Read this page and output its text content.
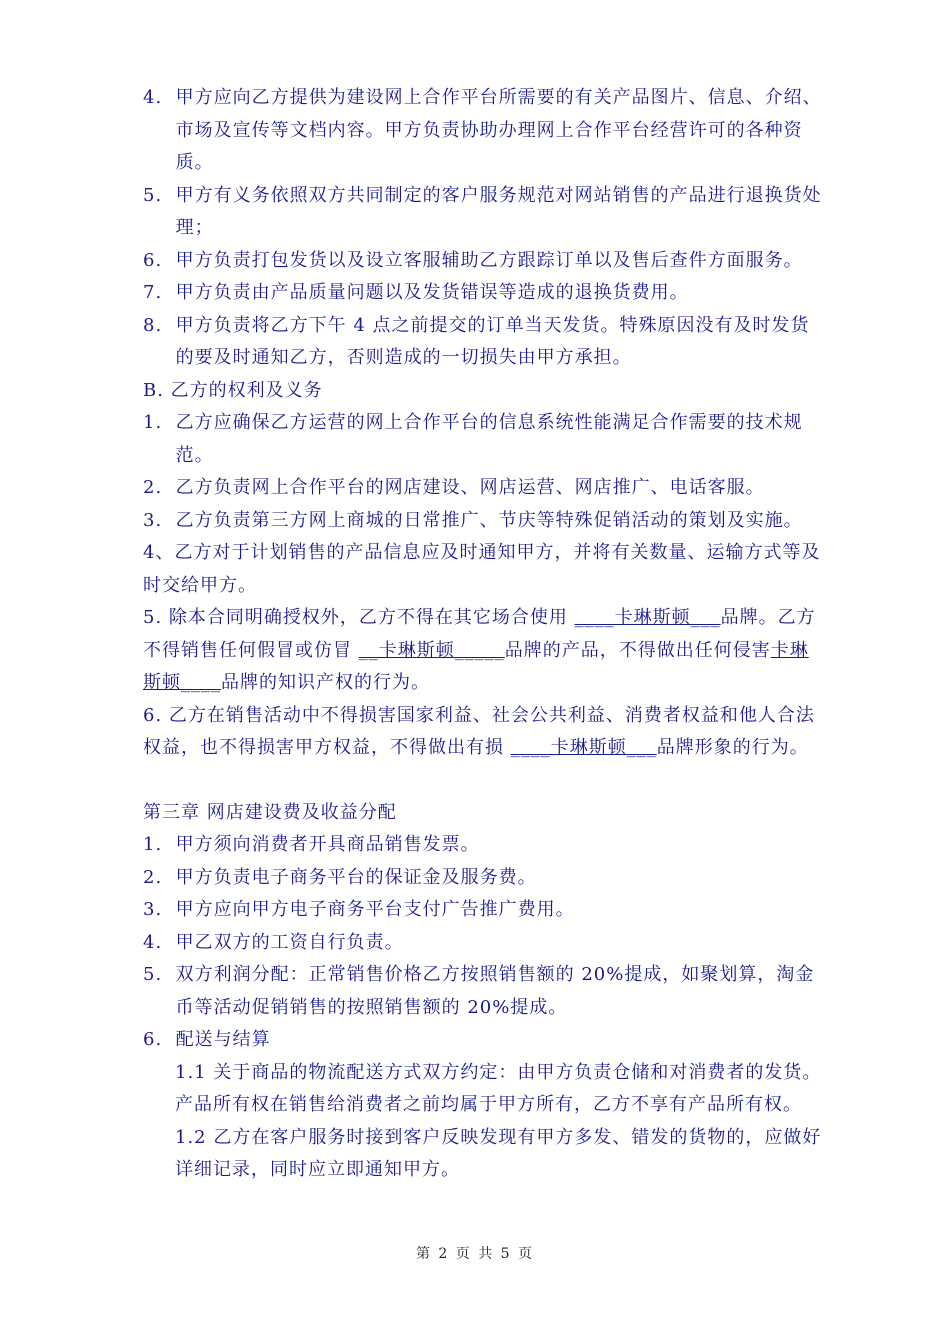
4. 甲方应向乙方提供为建设网上合作平台所需要的有关产品图片、信息、介绍、市场及宣传等文档内容。甲方负责协助办理网上合作平台经营许可的各种资质。
5. 甲方有义务依照双方共同制定的客户服务规范对网站销售的产品进行退换货处理；
6. 甲方负责打包发货以及设立客服辅助乙方跟踪订单以及售后查件方面服务。
7. 甲方负责由产品质量问题以及发货错误等造成的退换货费用。
8. 甲方负责将乙方下午 4 点之前提交的订单当天发货。特殊原因没有及时发货的要及时通知乙方，否则造成的一切损失由甲方承担。
B. 乙方的权利及义务
1. 乙方应确保乙方运营的网上合作平台的信息系统性能满足合作需要的技术规范。
2. 乙方负责网上合作平台的网店建设、网店运营、网店推广、电话客服。
3. 乙方负责第三方网上商城的日常推广、节庆等特殊促销活动的策划及实施。
4、乙方对于计划销售的产品信息应及时通知甲方，并将有关数量、运输方式等及时交给甲方。
5. 除本合同明确授权外，乙方不得在其它场合使用 ____卡琳斯顿___品牌。乙方不得销售任何假冒或仿冒 __卡琳斯顿_____品牌的产品，不得做出任何侵害卡琳斯顿____品牌的知识产权的行为。
6. 乙方在销售活动中不得损害国家利益、社会公共利益、消费者权益和他人合法权益，也不得损害甲方权益，不得做出有损 ____卡琳斯顿___品牌形象的行为。
第三章 网店建设费及收益分配
1. 甲方须向消费者开具商品销售发票。
2. 甲方负责电子商务平台的保证金及服务费。
3. 甲方应向甲方电子商务平台支付广告推广费用。
4. 甲乙双方的工资自行负责。
5. 双方利润分配：正常销售价格乙方按照销售额的 20%提成，如聚划算，淘金币等活动促销销售的按照销售额的 20%提成。
6. 配送与结算
1.1 关于商品的物流配送方式双方约定：由甲方负责仓储和对消费者的发货。产品所有权在销售给消费者之前均属于甲方所有，乙方不享有产品所有权。
1.2 乙方在客户服务时接到客户反映发现有甲方多发、错发的货物的，应做好详细记录，同时应立即通知甲方。
第 2 页 共 5 页
